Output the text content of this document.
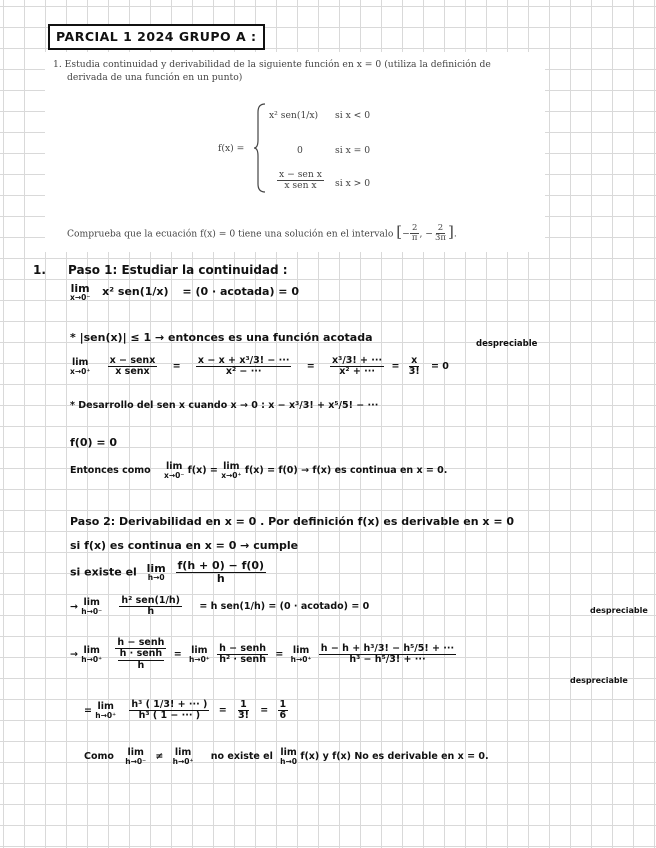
PARCIAL 1 2024 GRUPO A :
1. Estudia continuidad y derivabilidad de la siguiente función en x = 0 (utiliza la definición de
derivada de una función en un punto)
f(x) =
x² sen(1/x) si x < 0
0	si x = 0
$\frac{\text{x − sen x}}{\text{x sen x}}$ si x > 0
Comprueba que la ecuación f(x) = 0 tiene una solución en el intervalo [− $\frac{2}{\pi}$ , − $\frac{2}{3\pi}$ ].
1. Paso 1: Estudiar la continuidad :
lim
x→0⁻ x² sen(1/x) = (0 · acotada) = 0
* |sen(x)| ≤ 1 → entonces es una función acotada	despreciable
lim
x→0⁺
$\frac{\text{x − senx}}{\text{x senx}} = \frac{\text{x − x + x³/3! − ···}}{\text{x² − ···}} = \frac{\text{x³/3! + ···}}{\text{x² + ···}} = \frac{x}{3!} = 0$
* Desarrollo del sen x cuando x → 0 : x − x³/3! + x⁵/5! − ···
f(0) = 0
Entonces como lim
x→0⁻ f(x) = lim
x→0⁺ f(x) = f(0) → f(x) es continua en x = 0.
Paso 2: Derivabilidad en x = 0 . Por definición f(x) es derivable en x = 0
si f(x) es continua en x = 0 → cumple
si existe el lim
h→0
$\frac{f(h + 0) - f(0)}{h}$
→ lim
h→0⁻
$\frac{\text{h² sen(1/h)}}{h} = h$ sen(1/h) = (0 · acotado) = 0	despreciable
→ lim
h→0⁺
$\frac{\text{h − senh}}{\frac{\text{h · senh}}{h}} = \lim$
h→0⁺
$\frac{\text{h − senh}}{\text{h² · senh}} = \lim$
h→0⁺
$\frac{\text{h − h + h³/3! − h⁵/5! + ···}}{\text{h³ − h⁵/3! + ···}}$
despreciable
= lim
h→0⁺
$\frac{\text{h³ ( 1/3! + ··· )}}{\text{h³ ( 1 − ··· )}} = \frac{1}{3!} = \frac{1}{6}$
Como lim
h→0⁻ ≠ lim
h→0⁺ no existe el lim
h→0 f(x) y f(x) No es derivable en x = 0.
